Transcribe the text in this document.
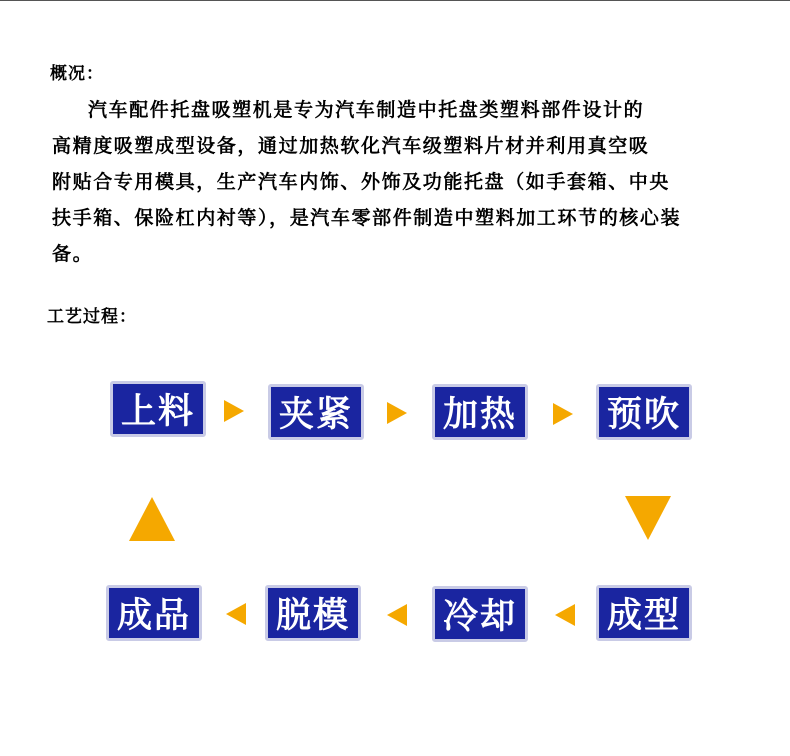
概况：
汽车配件托盘吸塑机是专为汽车制造中托盘类塑料部件设计的
高精度吸塑成型设备，通过加热软化汽车级塑料片材并利用真空吸
附贴合专用模具，生产汽车内饰、外饰及功能托盘（如手套箱、中央
扶手箱、保险杠内衬等），是汽车零部件制造中塑料加工环节的核心装
备。
工艺过程：
上料	夹紧	加热	预吹
成品	脱模	冷却	成型
